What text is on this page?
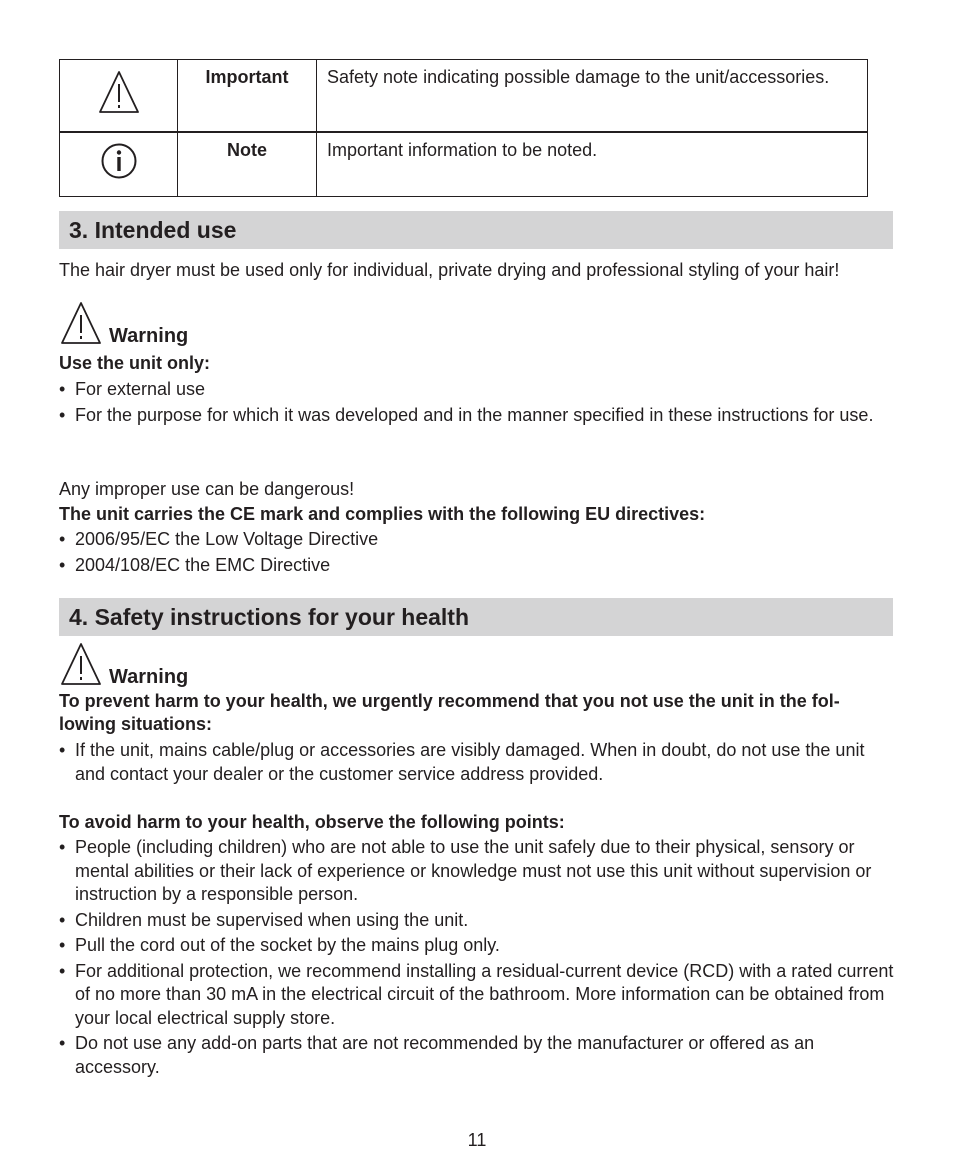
	Important	Safety note indicating possible damage to the unit/accessories.

	Note	Important information to be noted.
3. Intended use

The hair dryer must be used only for individual, private drying and professional styling of your hair!

Warning

Use the unit only:

• For external use
• For the purpose for which it was developed and in the manner specified in these instructions for use.

Any improper use can be dangerous!

The unit carries the CE mark and complies with the following EU directives:

• 2006/95/EC the Low Voltage Directive
• 2004/108/EC the EMC Directive
4. Safety instructions for your health
Warning

To prevent harm to your health, we urgently recommend that you not use the unit in the fol- lowing situations:

• If the unit, mains cable/plug or accessories are visibly damaged. When in doubt, do not use the unit and contact your dealer or the customer service address provided.

To avoid harm to your health, observe the following points:

• People (including children) who are not able to use the unit safely due to their physical, sensory or mental abilities or their lack of experience or knowledge must not use this unit without supervision or instruction by a responsible person.
• Children must be supervised when using the unit.
• Pull the cord out of the socket by the mains plug only.
• For additional protection, we recommend installing a residual-current device (RCD) with a rated current of no more than 30 mA in the electrical circuit of the bathroom. More information can be obtained from your local electrical supply store.
• Do not use any add-on parts that are not recommended by the manufacturer or offered as an accessory.
11
